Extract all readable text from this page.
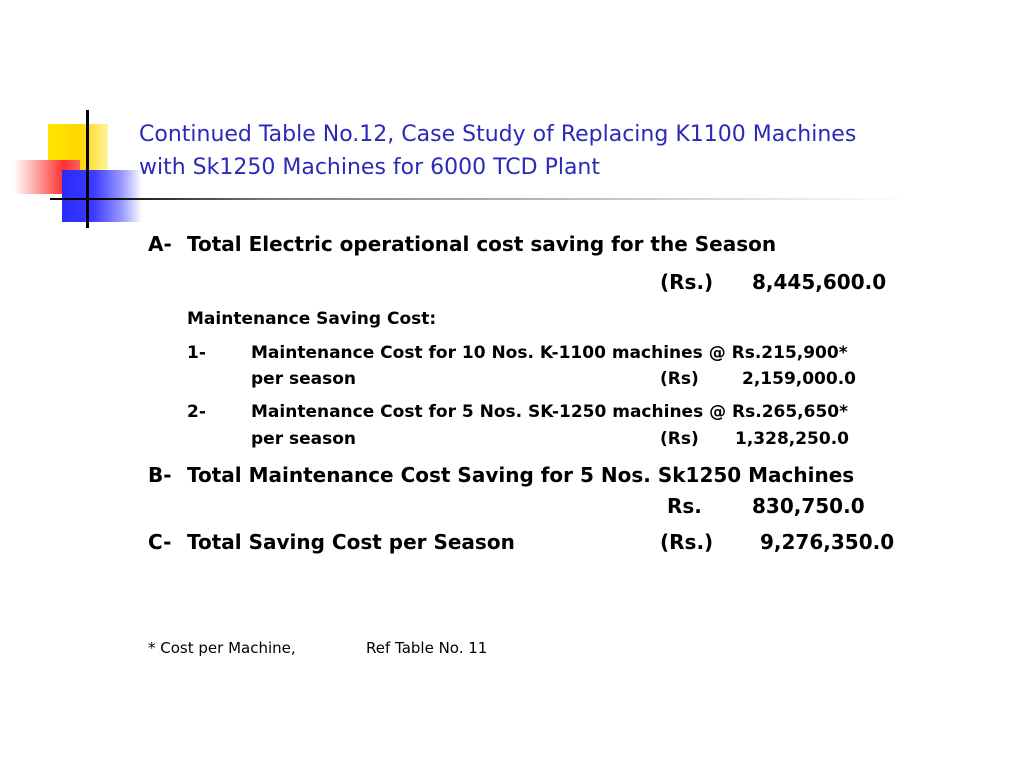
Continued Table No.12, Case Study of Replacing K1100 Machines
with Sk1250 Machines for 6000 TCD Plant
A- Total Electric operational cost saving for the Season
(Rs.) 8,445,600.0
Maintenance Saving Cost:
1-	Maintenance Cost for 10 Nos. K-1100 machines @ Rs.215,900*
per season	(Rs)	2,159,000.0
2-	Maintenance Cost for 5 Nos. SK-1250 machines @ Rs.265,650*
per season	(Rs) 1,328,250.0
B- Total Maintenance Cost Saving for 5 Nos. Sk1250 Machines
Rs.	830,750.0
C- Total Saving Cost per Season	(Rs.) 9,276,350.0
* Cost per Machine,	Ref Table No. 11
